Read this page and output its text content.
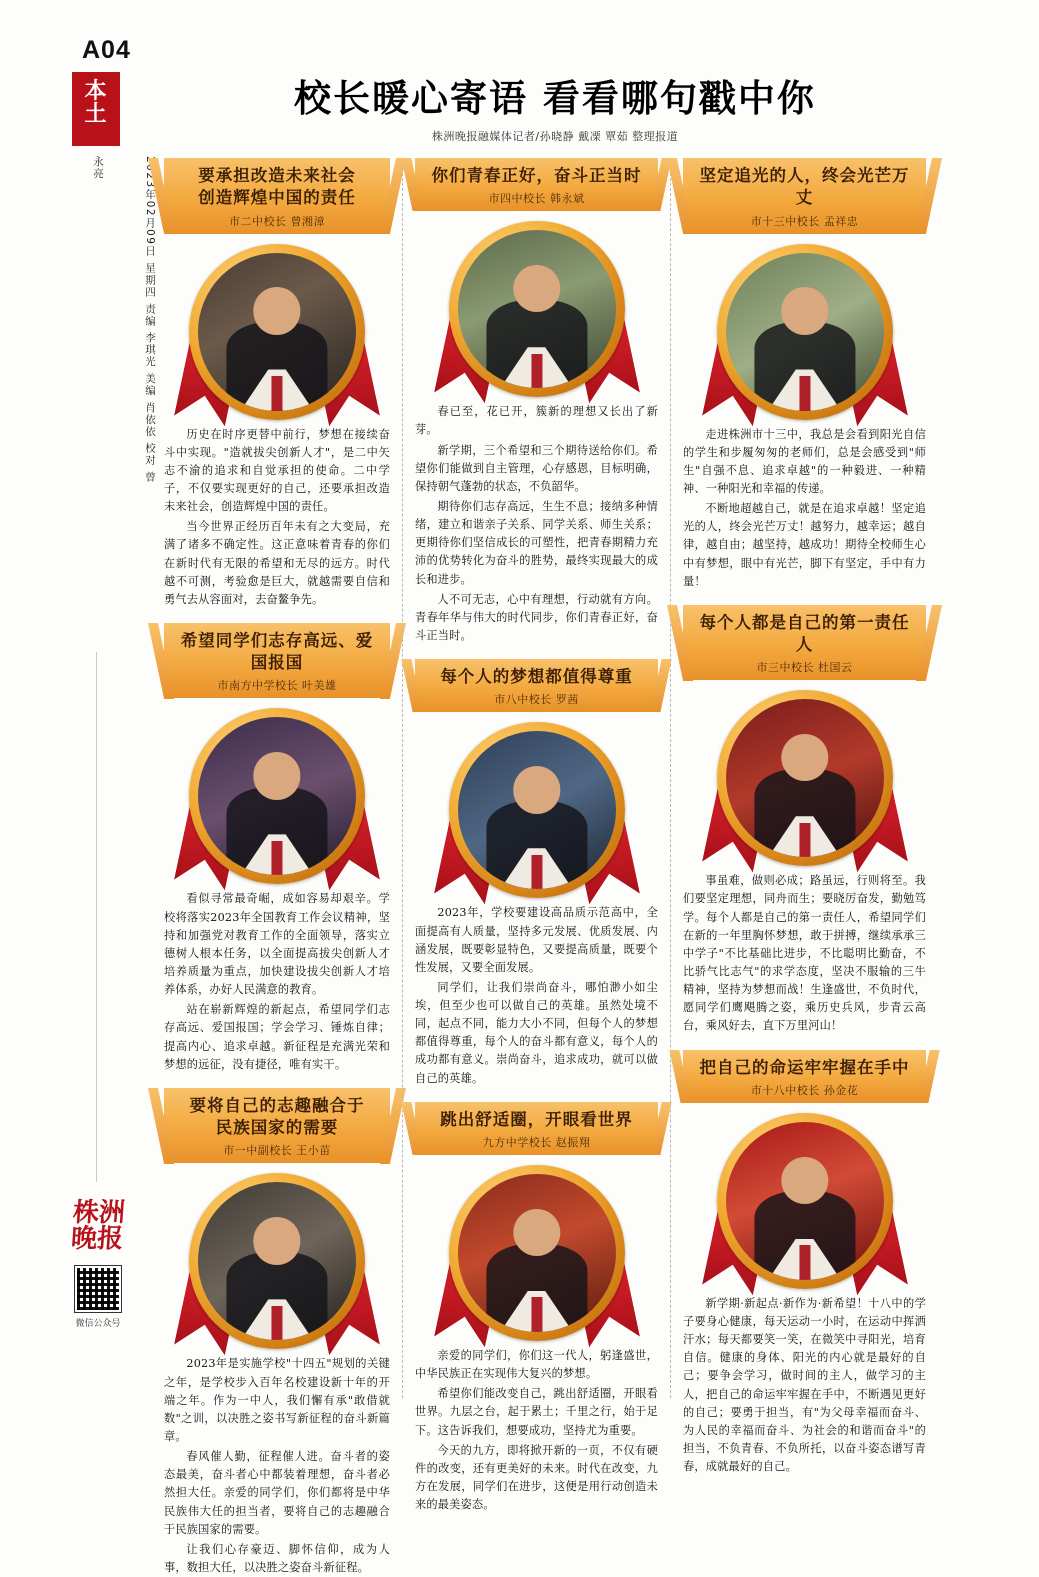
A04
本
土
2023年02月09日 星期四 责编 李琪光 美编 肖依依 校对 曾永亮
株洲晚报
微信公众号
校长暖心寄语 看看哪句戳中你
株洲晚报融媒体记者/孙晓静 戴凓 覃茹 整理报道
要承担改造未来社会
创造辉煌中国的责任
市二中校长 曾湘漳

历史在时序更替中前行，梦想在接续奋斗中实现。"造就拔尖创新人才"，是二中矢志不渝的追求和自觉承担的使命。二中学子，不仅要实现更好的自己，还要承担改造未来社会，创造辉煌中国的责任。

当今世界正经历百年未有之大变局，充满了诸多不确定性。这正意味着青春的你们在新时代有无限的希望和无尽的远方。时代越不可测，考验愈是巨大，就越需要自信和勇气去从容面对，去奋鳌争先。

希望同学们志存高远、爱国报国
市南方中学校长 叶美雄

看似寻常最奇崛，成如容易却艰辛。学校将落实2023年全国教育工作会议精神，坚持和加强党对教育工作的全面领导，落实立德树人根本任务，以全面提高拔尖创新人才培养质量为重点，加快建设拔尖创新人才培养体系，办好人民满意的教育。

站在崭新辉煌的新起点，希望同学们志存高远、爱国报国；学会学习、锤炼自律；提高内心、追求卓越。新征程是充满光荣和梦想的远征，没有捷径，唯有实干。

要将自己的志趣融合于
民族国家的需要
市一中副校长 王小苗

2023年是实施学校"十四五"规划的关键之年，是学校步入百年名校建设新十年的开端之年。作为一中人，我们懈有承"敢借就数"之训，以决胜之姿书写新征程的奋斗新篇章。

春风催人勤，征程催人进。奋斗者的姿态最美，奋斗者心中都装着理想，奋斗者必然担大任。亲爱的同学们，你们都将是中华民族伟大任的担当者，要将自己的志趣融合于民族国家的需要。

让我们心存豪迈、脚怀信仰，成为人事，数担大任，以决胜之姿奋斗新征程。

你们青春正好，奋斗正当时
市四中校长 韩永斌

春已至，花已开，簇新的理想又长出了新芽。

新学期，三个希望和三个期待送给你们。希望你们能做到自主管理，心存感恩，目标明确，保持朝气蓬勃的状态，不负韶华。

期待你们志存高远，生生不息；接纳多种情绪，建立和谐亲子关系、同学关系、师生关系；更期待你们坚信成长的可塑性，把青春期精力充沛的优势转化为奋斗的胜势，最终实现最大的成长和进步。

人不可无志，心中有理想，行动就有方向。青春年华与伟大的时代同步，你们青春正好，奋斗正当时。

每个人的梦想都值得尊重
市八中校长 罗茜

2023年，学校要建设高品质示范高中，全面提高有人质量，坚持多元发展、优质发展、内涵发展，既要彰显特色，又要提高质量，既要个性发展，又要全面发展。

同学们，让我们崇尚奋斗，哪怕渺小如尘埃，但至少也可以做自己的英雄。虽然处境不同，起点不同，能力大小不同，但每个人的梦想都值得尊重，每个人的奋斗都有意义，每个人的成功都有意义。崇尚奋斗，追求成功，就可以做自己的英雄。

跳出舒适圈，开眼看世界
九方中学校长 赵振翔

亲爱的同学们，你们这一代人，躬逢盛世，中华民族正在实现伟大复兴的梦想。

希望你们能改变自己，跳出舒适圈，开眼看世界。九层之台，起于累土；千里之行，始于足下。这告诉我们，想要成功，坚持尤为重要。

今天的九方，即将掀开新的一页，不仅有硬件的改变，还有更美好的未来。时代在改变，九方在发展，同学们在进步，这便是用行动创造未来的最美姿态。

坚定追光的人，终会光芒万丈
市十三中校长 孟祥忠

走进株洲市十三中，我总是会看到阳光自信的学生和步履匆匆的老师们，总是会感受到"师生"自强不息、追求卓越"的一种毅进、一种精神、一种阳光和幸福的传递。

不断地超越自己，就是在追求卓越！坚定追光的人，终会光芒万丈！越努力，越幸运；越自律，越自由；越坚持，越成功！期待全校师生心中有梦想，眼中有光芒，脚下有坚定，手中有力量！

每个人都是自己的第一责任人
市三中校长 杜国云

事虽难，做则必成；路虽远，行则将至。我们要坚定理想，同舟而生；要晓厉奋发，勤勉笃学。每个人都是自己的第一责任人，希望同学们在新的一年里胸怀梦想，敢于拼搏，继续承承三中学子"不比基础比进步，不比聪明比勤奋，不比骄气比志气"的求学态度，坚决不服输的三牛精神，坚持为梦想而战！生逢盛世，不负时代，愿同学们鹰飓腾之姿，乘历史兵风，步青云高台，乘风好去，直下万里河山！

把自己的命运牢牢握在手中
市十八中校长 孙金花

新学期·新起点·新作为·新希望！十八中的学子要身心健康，每天运动一小时，在运动中挥洒汗水；每天都要笑一笑，在微笑中寻阳光，培育自信。健康的身体、阳光的内心就是最好的自己；要争会学习，做时间的主人，做学习的主人，把自己的命运牢牢握在手中，不断遇见更好的自己；要勇于担当，有"为父母幸福而奋斗、为人民的幸福而奋斗、为社会的和谐而奋斗"的担当，不负青春、不负所托，以奋斗姿态谱写青春，成就最好的自己。
